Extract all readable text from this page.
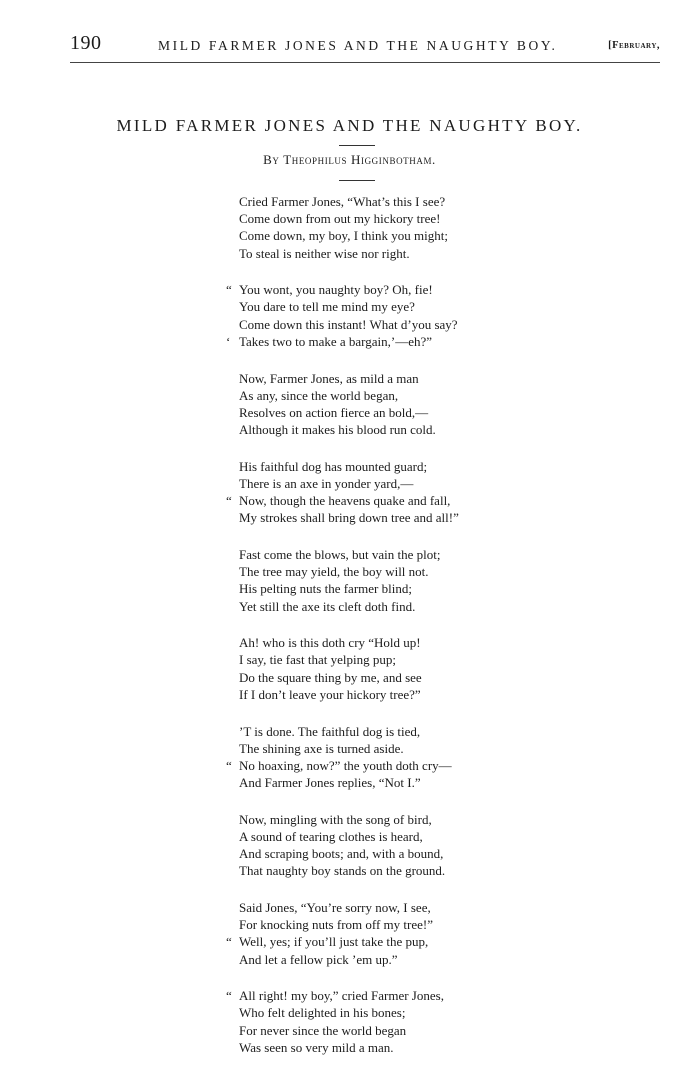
190	MILD FARMER JONES AND THE NAUGHTY BOY.	[February,
MILD FARMER JONES AND THE NAUGHTY BOY.
By Theophilus Higginbotham.
Cried Farmer Jones, “What’s this I see?
Come down from out my hickory tree!
Come down, my boy, I think you might;
To steal is neither wise nor right.
“ You wont, you naughty boy? Oh, fie!
You dare to tell me mind my eye?
Come down this instant! What d’you say?
‘ Takes two to make a bargain,’—eh?”
Now, Farmer Jones, as mild a man
As any, since the world began,
Resolves on action fierce an bold,—
Although it makes his blood run cold.
His faithful dog has mounted guard;
There is an axe in yonder yard,—
“ Now, though the heavens quake and fall,
My strokes shall bring down tree and all!”
Fast come the blows, but vain the plot;
The tree may yield, the boy will not.
His pelting nuts the farmer blind;
Yet still the axe its cleft doth find.
Ah! who is this doth cry “Hold up!
I say, tie fast that yelping pup;
Do the square thing by me, and see
If I don’t leave your hickory tree?”
’T is done. The faithful dog is tied,
The shining axe is turned aside.
“ No hoaxing, now?” the youth doth cry—
And Farmer Jones replies, “Not I.”
Now, mingling with the song of bird,
A sound of tearing clothes is heard,
And scraping boots; and, with a bound,
That naughty boy stands on the ground.
Said Jones, “You’re sorry now, I see,
For knocking nuts from off my tree!”
“ Well, yes; if you’ll just take the pup,
And let a fellow pick ’em up.”
“ All right! my boy,” cried Farmer Jones,
Who felt delighted in his bones;
For never since the world began
Was seen so very mild a man.
